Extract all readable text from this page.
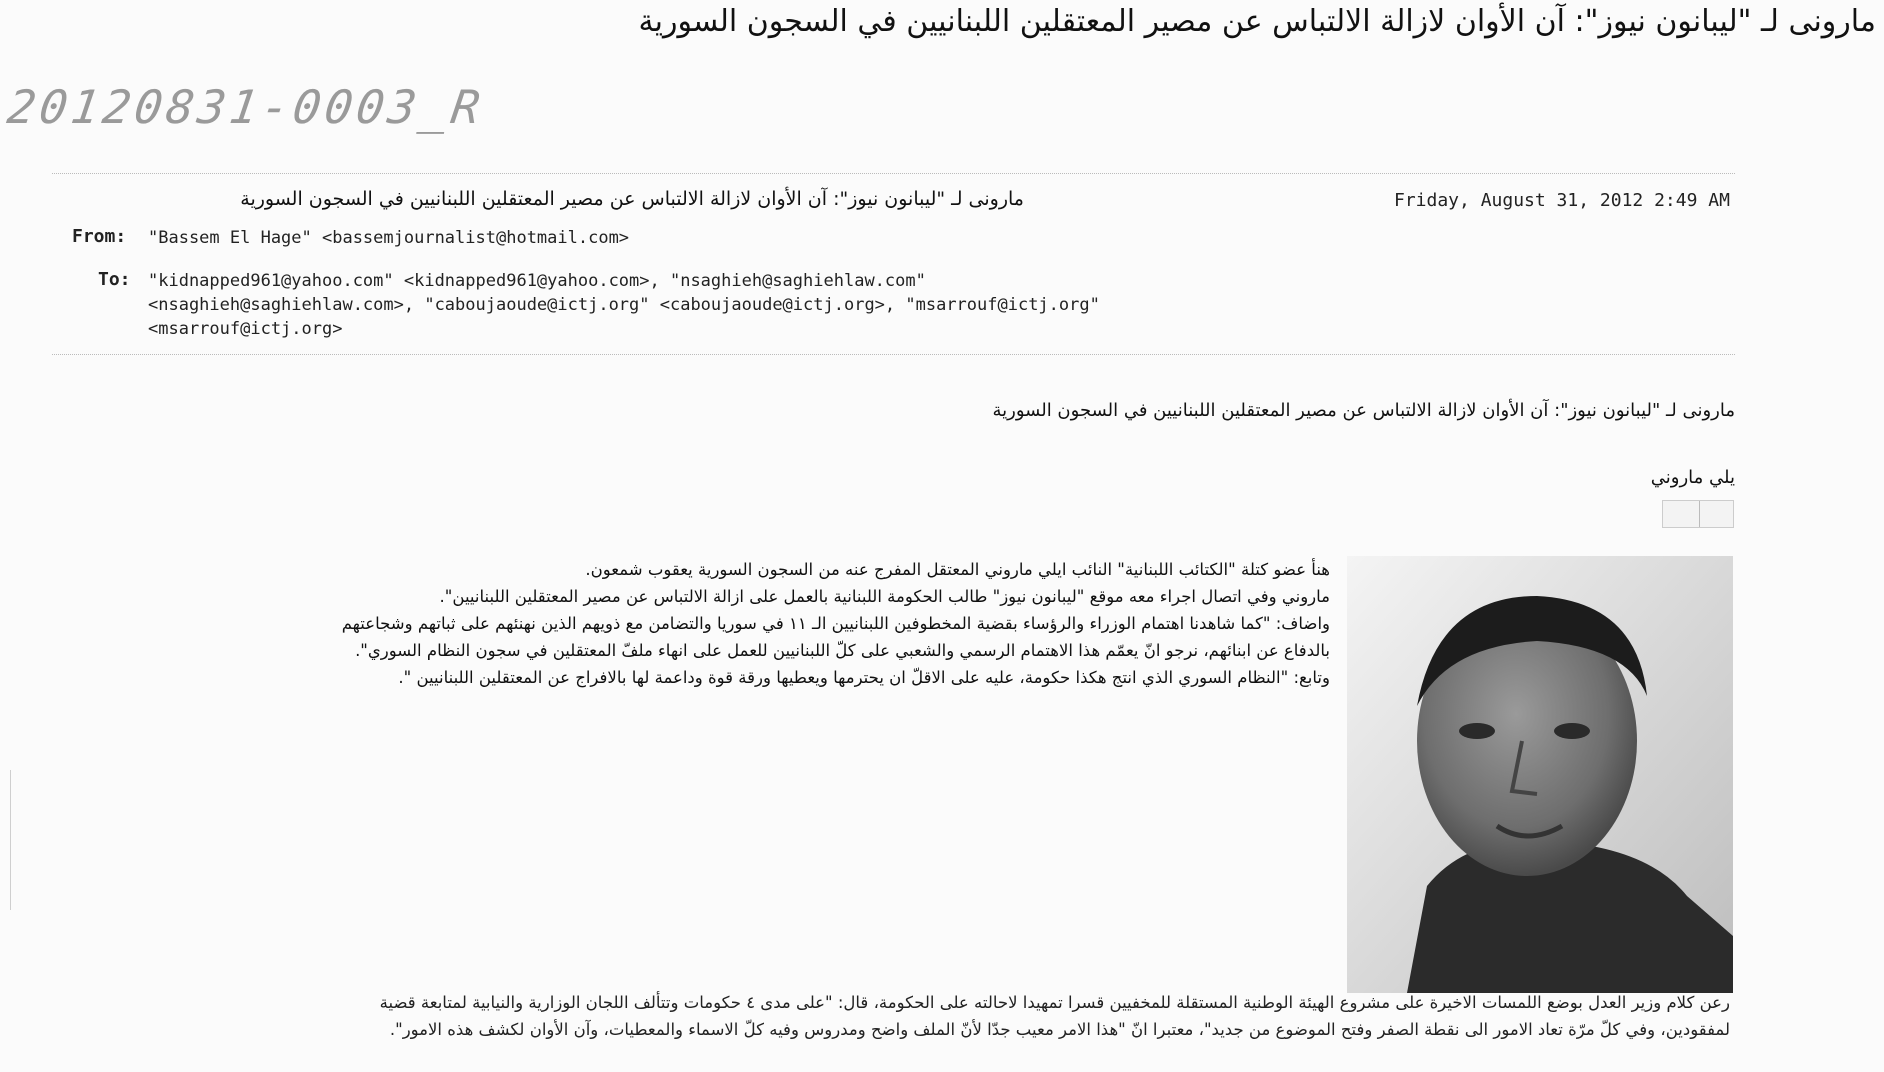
مارونى لـ "ليبانون نيوز": آن الأوان لازالة الالتباس عن مصير المعتقلين اللبنانيين في السجون السورية
20120831-0003_R
مارونى لـ "ليبانون نيوز": آن الأوان لازالة الالتباس عن مصير المعتقلين اللبنانيين في السجون السورية	Friday, August 31, 2012 2:49 AM
From: "Bassem El Hage" <bassemjournalist@hotmail.com>
To: "kidnapped961@yahoo.com" <kidnapped961@yahoo.com>, "nsaghieh@saghiehlaw.com"
<nsaghieh@saghiehlaw.com>, "caboujaoude@ictj.org" <caboujaoude@ictj.org>, "msarrouf@ictj.org"
<msarrouf@ictj.org>
مارونى لـ "ليبانون نيوز": آن الأوان لازالة الالتباس عن مصير المعتقلين اللبنانيين في السجون السورية
يلي ماروني
هنأ عضو كتلة "الكتائب اللبنانية" النائب ايلي ماروني المعتقل المفرج عنه من السجون السورية يعقوب شمعون.
ماروني وفي اتصال اجراء معه موقع "ليبانون نيوز" طالب الحكومة اللبنانية بالعمل على ازالة الالتباس عن مصير المعتقلين اللبنانيين".
واضاف: "كما شاهدنا اهتمام الوزراء والرؤساء بقضية المخطوفين اللبنانيين الـ ١١ في سوريا والتضامن مع ذويهم الذين نهنئهم على ثباتهم وشجاعتهم
بالدفاع عن ابنائهم، نرجو انّ يعمّم هذا الاهتمام الرسمي والشعبي على كلّ اللبنانيين للعمل على انهاء ملفّ المعتقلين في سجون النظام السوري".
وتابع: "النظام السوري الذي انتج هكذا حكومة، عليه على الاقلّ ان يحترمها ويعطيها ورقة قوة وداعمة لها بالافراج عن المعتقلين اللبنانيين ".
رعن كلام وزير العدل بوضع اللمسات الاخيرة على مشروع الهيئة الوطنية المستقلة للمخفيين قسرا تمهيدا لاحالته على الحكومة، قال: "على مدى ٤ حكومات وتتألف اللجان الوزارية والنيابية لمتابعة قضية
لمفقودين، وفي كلّ مرّة تعاد الامور الى نقطة الصفر وفتح الموضوع من جديد"، معتبرا انّ "هذا الامر معيب جدّا لأنّ الملف واضح ومدروس وفيه كلّ الاسماء والمعطيات، وآن الأوان لكشف هذه الامور".
